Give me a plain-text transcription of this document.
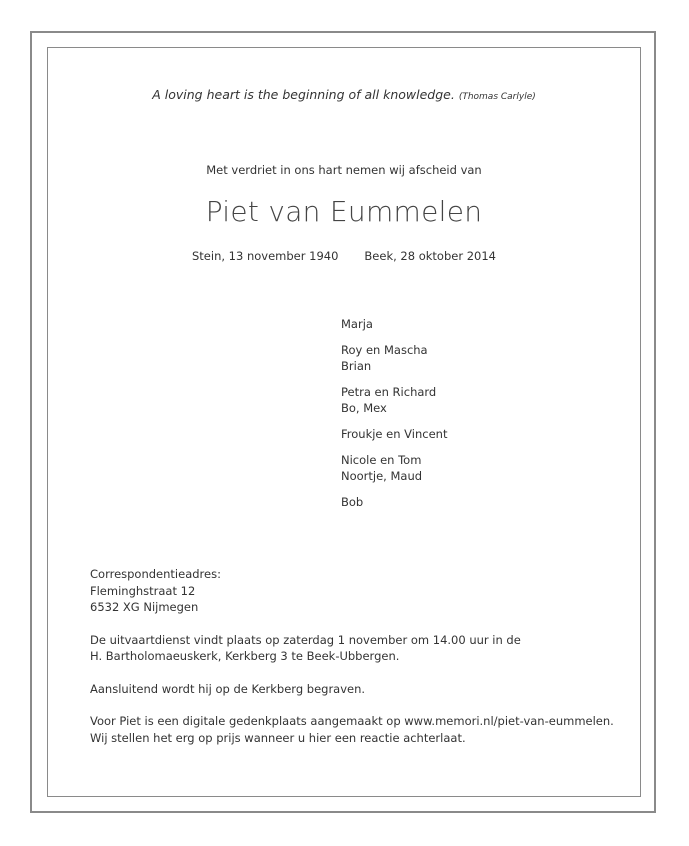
A loving heart is the beginning of all knowledge. (Thomas Carlyle)
Met verdriet in ons hart nemen wij afscheid van
Piet van Eummelen
Stein, 13 november 1940 Beek, 28 oktober 2014
Marja
Roy en Mascha
Brian
Petra en Richard
Bo, Mex
Froukje en Vincent
Nicole en Tom
Noortje, Maud
Bob
Correspondentieadres:
Fleminghstraat 12
6532 XG Nijmegen
De uitvaartdienst vindt plaats op zaterdag 1 november om 14.00 uur in de
H. Bartholomaeuskerk, Kerkberg 3 te Beek-Ubbergen.
Aansluitend wordt hij op de Kerkberg begraven.
Voor Piet is een digitale gedenkplaats aangemaakt op www.memori.nl/piet-van-eummelen.
Wij stellen het erg op prijs wanneer u hier een reactie achterlaat.
